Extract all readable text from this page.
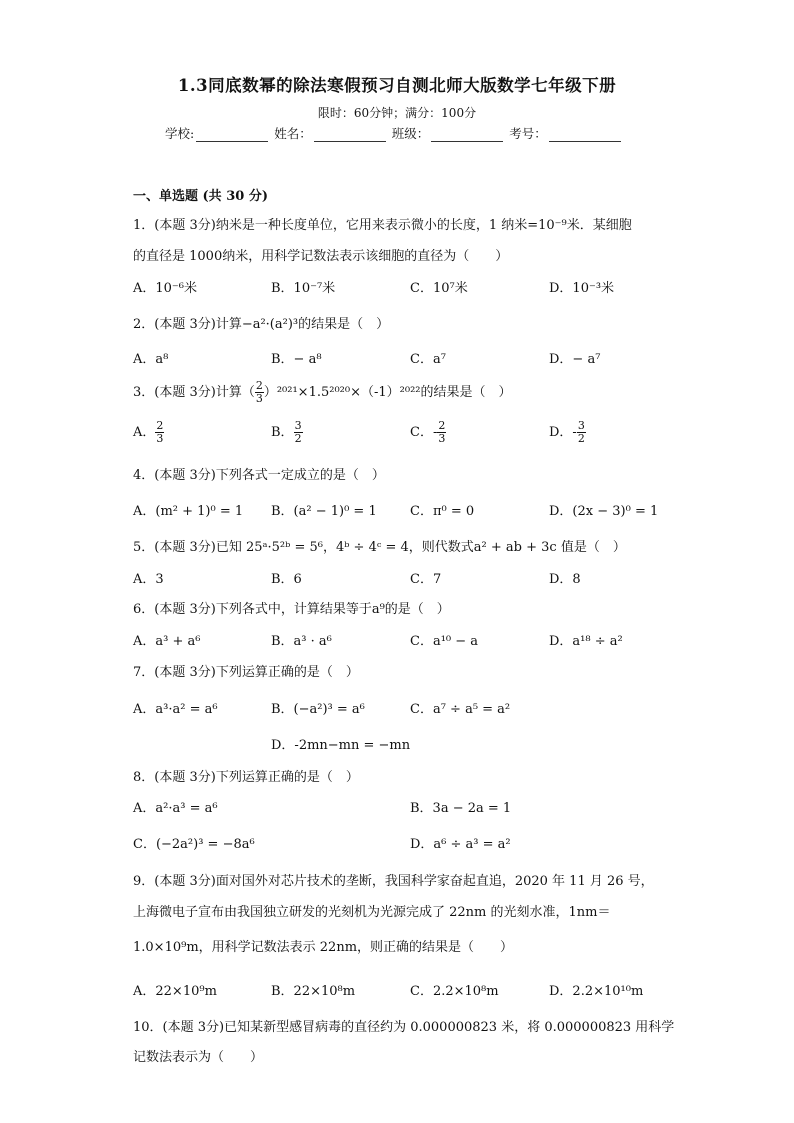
1.3同底数幂的除法寒假预习自测北师大版数学七年级下册
限时：60分钟；满分：100分
学校:	姓名：	班级：	考号：
一、单选题 (共 30 分)
1．(本题 3分)纳米是一种长度单位，它用来表示微小的长度，1 纳米=10⁻⁹米．某细胞
的直径是 1000纳米，用科学记数法表示该细胞的直径为（　　）
A．10⁻⁶米	B．10⁻⁷米	C．10⁷米	D．10⁻³米
2．(本题 3分)计算−a²·(a²)³的结果是（　）
A．a⁸	B．− a⁸	C．a⁷	D．− a⁷
3．(本题 3分)计算（ $\frac{2}{3} )^{2021}\times 1.5^{2020}\times(-1)^{2022}$的结果是（　）
A． $\frac{2}{3}$	B． $\frac{3}{2}$	C．- $\frac{2}{3}$	D．- $\frac{3}{2}$
4．(本题 3分)下列各式一定成立的是（　）
A．(m² + 1)⁰ = 1 B．(a² − 1)⁰ = 1	C．π⁰ = 0	D．(2x − 3)⁰ = 1
5．(本题 3分)已知 25ᵃ·5²ᵇ = 5⁶，4ᵇ ÷ 4ᶜ = 4，则代数式a² + ab + 3c 值是（　）
A．3	B．6	C．7	D．8
6．(本题 3分)下列各式中，计算结果等于a⁹的是（　）
A．a³ + a⁶	B．a³ · a⁶	C．a¹⁰ − a	D．a¹⁸ ÷ a²
7．(本题 3分)下列运算正确的是（　）
A．a³·a² = a⁶	B．(−a²)³ = a⁶	C．a⁷ ÷ a⁵ = a²
D．-2mn−mn = −mn
8．(本题 3分)下列运算正确的是（　）
A．a²·a³ = a⁶	B．3a − 2a = 1
C．(−2a²)³ = −8a⁶	D．a⁶ ÷ a³ = a²
9．(本题 3分)面对国外对芯片技术的垄断，我国科学家奋起直追，2020 年 11 月 26 号，
上海微电子宣布由我国独立研发的光刻机为光源完成了 22nm 的光刻水准，1nm＝
1.0×10⁹m，用科学记数法表示 22nm，则正确的结果是（　　）
A．22×10⁹m	B．22×10⁸m	C．2.2×10⁸m	D．2.2×10¹⁰m
10．(本题 3分)已知某新型感冒病毒的直径约为 0.000000823 米，将 0.000000823 用科学
记数法表示为（　　）
